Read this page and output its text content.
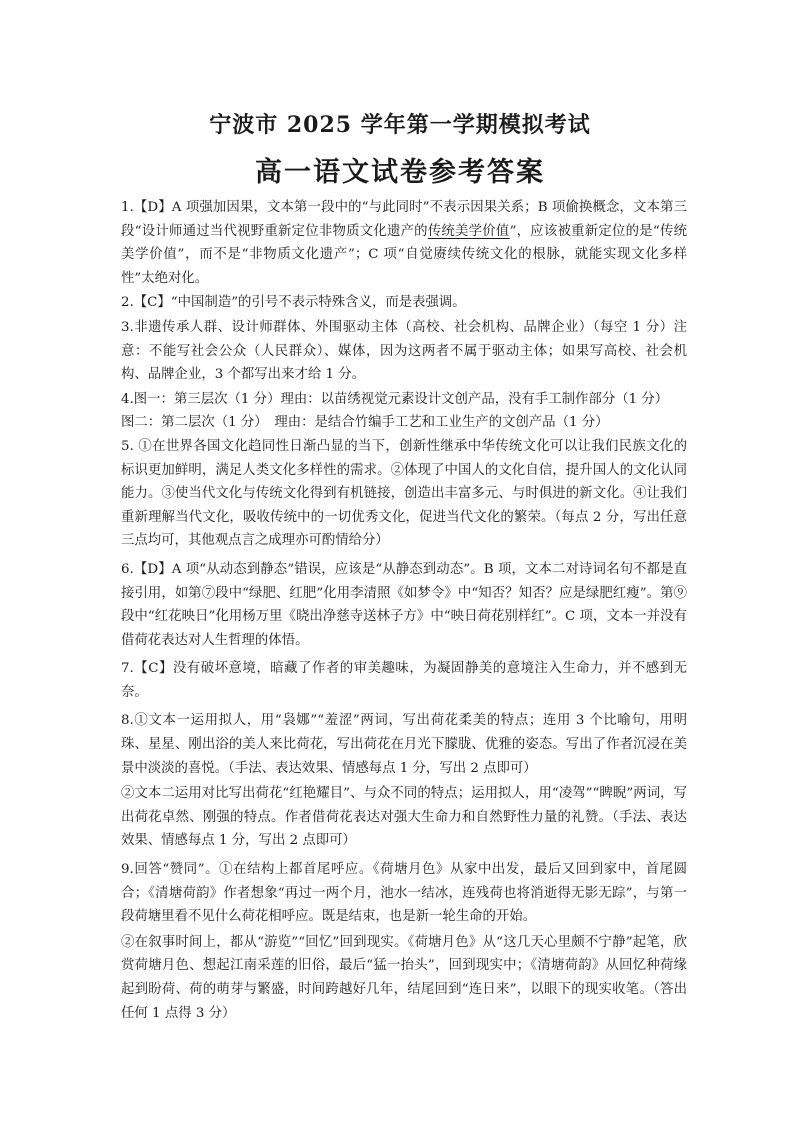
宁波市 2025 学年第一学期模拟考试
高一语文试卷参考答案

1.【D】A 项强加因果，文本第一段中的“与此同时”不表示因果关系；B 项偷换概念，文本第三段“设计师通过当代视野重新定位非物质文化遗产的传统美学价值”，应该被重新定位的是“传统美学价值”，而不是“非物质文化遗产”；C 项“自觉赓续传统文化的根脉，就能实现文化多样性”太绝对化。

2.【C】“中国制造”的引号不表示特殊含义，而是表强调。

3.非遗传承人群、设计师群体、外围驱动主体（高校、社会机构、品牌企业）（每空 1 分）注意：不能写社会公众（人民群众）、媒体，因为这两者不属于驱动主体；如果写高校、社会机构、品牌企业，3 个都写出来才给 1 分。

4.图一：第三层次（1 分）理由：以苗绣视觉元素设计文创产品，没有手工制作部分（1 分）

图二：第二层次（1 分）　理由：是结合竹编手工艺和工业生产的文创产品（1 分）

5. ①在世界各国文化趋同性日渐凸显的当下，创新性继承中华传统文化可以让我们民族文化的标识更加鲜明，满足人类文化多样性的需求。②体现了中国人的文化自信，提升国人的文化认同能力。③使当代文化与传统文化得到有机链接，创造出丰富多元、与时俱进的新文化。④让我们重新理解当代文化，吸收传统中的一切优秀文化，促进当代文化的繁荣。（每点 2 分，写出任意三点均可，其他观点言之成理亦可酌情给分）

6.【D】A 项“从动态到静态”错误，应该是“从静态到动态”。B 项，文本二对诗词名句不都是直接引用，如第⑦段中“绿肥、红肥”化用李清照《如梦令》中“知否？知否？应是绿肥红瘦”。第⑨段中“红花映日”化用杨万里《晓出净慈寺送林子方》中“映日荷花别样红”。C 项，文本一并没有借荷花表达对人生哲理的体悟。

7.【C】没有破坏意境，暗藏了作者的审美趣味，为凝固静美的意境注入生命力，并不感到无奈。

8.①文本一运用拟人，用“袅娜”“羞涩”两词，写出荷花柔美的特点；连用 3 个比喻句，用明珠、星星、刚出浴的美人来比荷花，写出荷花在月光下朦胧、优雅的姿态。写出了作者沉浸在美景中淡淡的喜悦。（手法、表达效果、情感每点 1 分，写出 2 点即可）

②文本二运用对比写出荷花“红艳耀目”、与众不同的特点；运用拟人，用“凌驾”“睥睨”两词，写出荷花卓然、刚强的特点。作者借荷花表达对强大生命力和自然野性力量的礼赞。（手法、表达效果、情感每点 1 分，写出 2 点即可）

9.回答“赞同”。①在结构上都首尾呼应。《荷塘月色》从家中出发，最后又回到家中，首尾圆合；《清塘荷韵》作者想象“再过一两个月，池水一结冰，连残荷也将消逝得无影无踪”，与第一段荷塘里看不见什么荷花相呼应。既是结束，也是新一轮生命的开始。

②在叙事时间上，都从“游览”“回忆”回到现实。《荷塘月色》从“这几天心里颇不宁静”起笔，欣赏荷塘月色、想起江南采莲的旧俗，最后“猛一抬头”，回到现实中；《清塘荷韵》从回忆种荷缘起到盼荷、荷的萌芽与繁盛，时间跨越好几年，结尾回到“连日来”，以眼下的现实收笔。（答出任何 1 点得 3 分）
